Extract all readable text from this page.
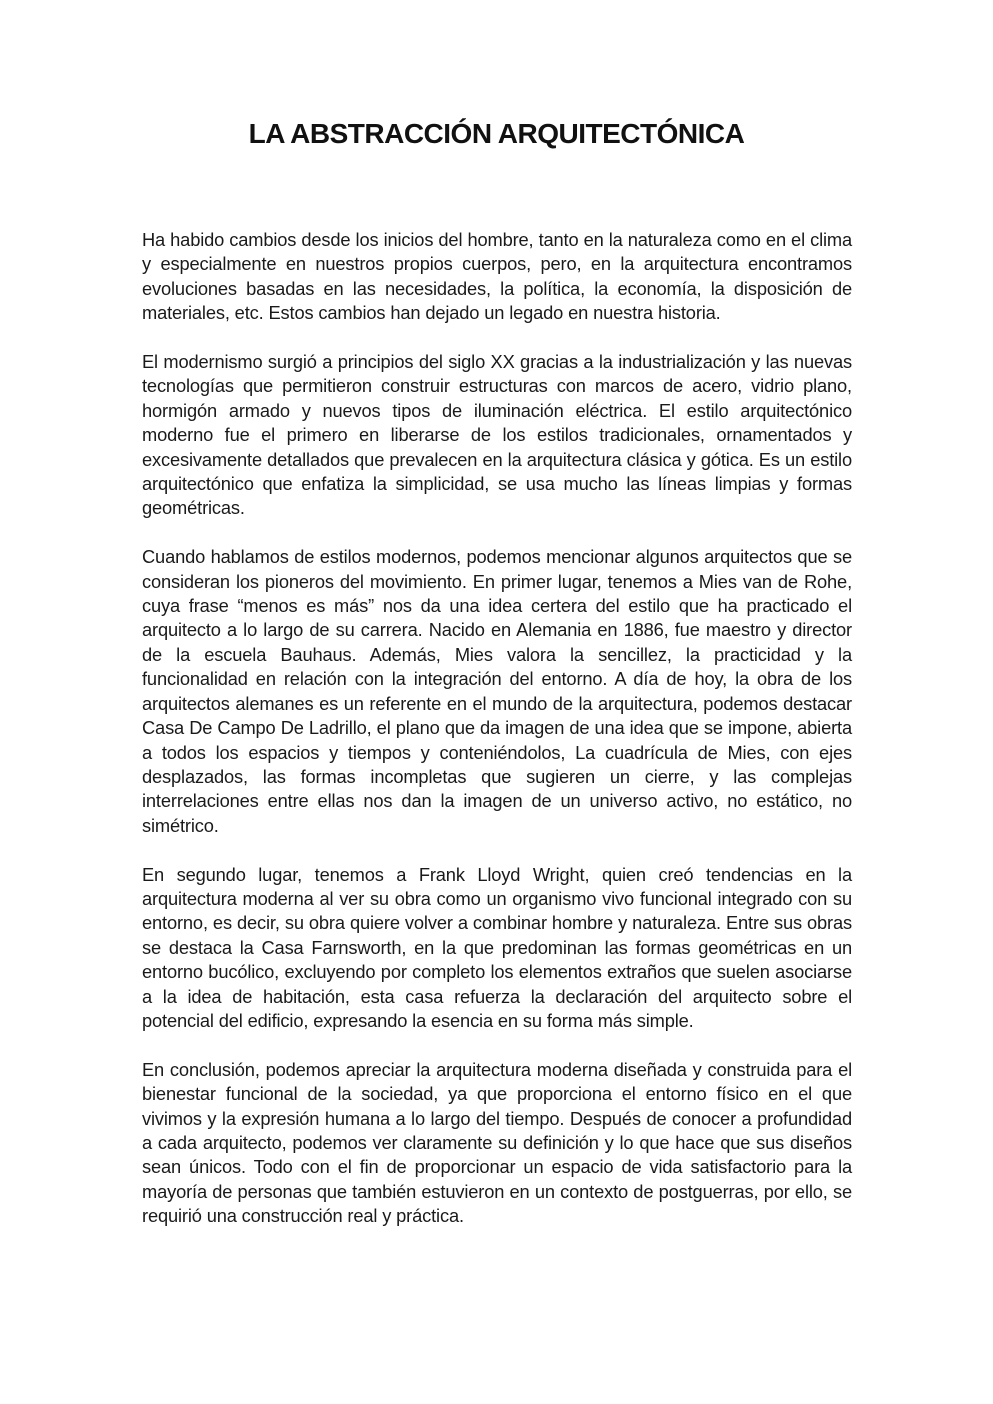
LA ABSTRACCIÓN ARQUITECTÓNICA

Ha habido cambios desde los inicios del hombre, tanto en la naturaleza como en el clima y especialmente en nuestros propios cuerpos, pero, en la arquitectura encontramos evoluciones basadas en las necesidades, la política, la economía, la disposición de materiales, etc. Estos cambios han dejado un legado en nuestra historia.

El modernismo surgió a principios del siglo XX gracias a la industrialización y las nuevas tecnologías que permitieron construir estructuras con marcos de acero, vidrio plano, hormigón armado y nuevos tipos de iluminación eléctrica. El estilo arquitectónico moderno fue el primero en liberarse de los estilos tradicionales, ornamentados y excesivamente detallados que prevalecen en la arquitectura clásica y gótica. Es un estilo arquitectónico que enfatiza la simplicidad, se usa mucho las líneas limpias y formas geométricas.

Cuando hablamos de estilos modernos, podemos mencionar algunos arquitectos que se consideran los pioneros del movimiento. En primer lugar, tenemos a Mies van de Rohe, cuya frase “menos es más” nos da una idea certera del estilo que ha practicado el arquitecto a lo largo de su carrera. Nacido en Alemania en 1886, fue maestro y director de la escuela Bauhaus. Además, Mies valora la sencillez, la practicidad y la funcionalidad en relación con la integración del entorno. A día de hoy, la obra de los arquitectos alemanes es un referente en el mundo de la arquitectura, podemos destacar Casa De Campo De Ladrillo, el plano que da imagen de una idea que se impone, abierta a todos los espacios y tiempos y conteniéndolos, La cuadrícula de Mies, con ejes desplazados, las formas incompletas que sugieren un cierre, y las complejas interrelaciones entre ellas nos dan la imagen de un universo activo, no estático, no simétrico.

En segundo lugar, tenemos a Frank Lloyd Wright, quien creó tendencias en la arquitectura moderna al ver su obra como un organismo vivo funcional integrado con su entorno, es decir, su obra quiere volver a combinar hombre y naturaleza. Entre sus obras se destaca la Casa Farnsworth, en la que predominan las formas geométricas en un entorno bucólico, excluyendo por completo los elementos extraños que suelen asociarse a la idea de habitación, esta casa refuerza la declaración del arquitecto sobre el potencial del edificio, expresando la esencia en su forma más simple.

En conclusión, podemos apreciar la arquitectura moderna diseñada y construida para el bienestar funcional de la sociedad, ya que proporciona el entorno físico en el que vivimos y la expresión humana a lo largo del tiempo. Después de conocer a profundidad a cada arquitecto, podemos ver claramente su definición y lo que hace que sus diseños sean únicos. Todo con el fin de proporcionar un espacio de vida satisfactorio para la mayoría de personas que también estuvieron en un contexto de postguerras, por ello, se requirió una construcción real y práctica.
